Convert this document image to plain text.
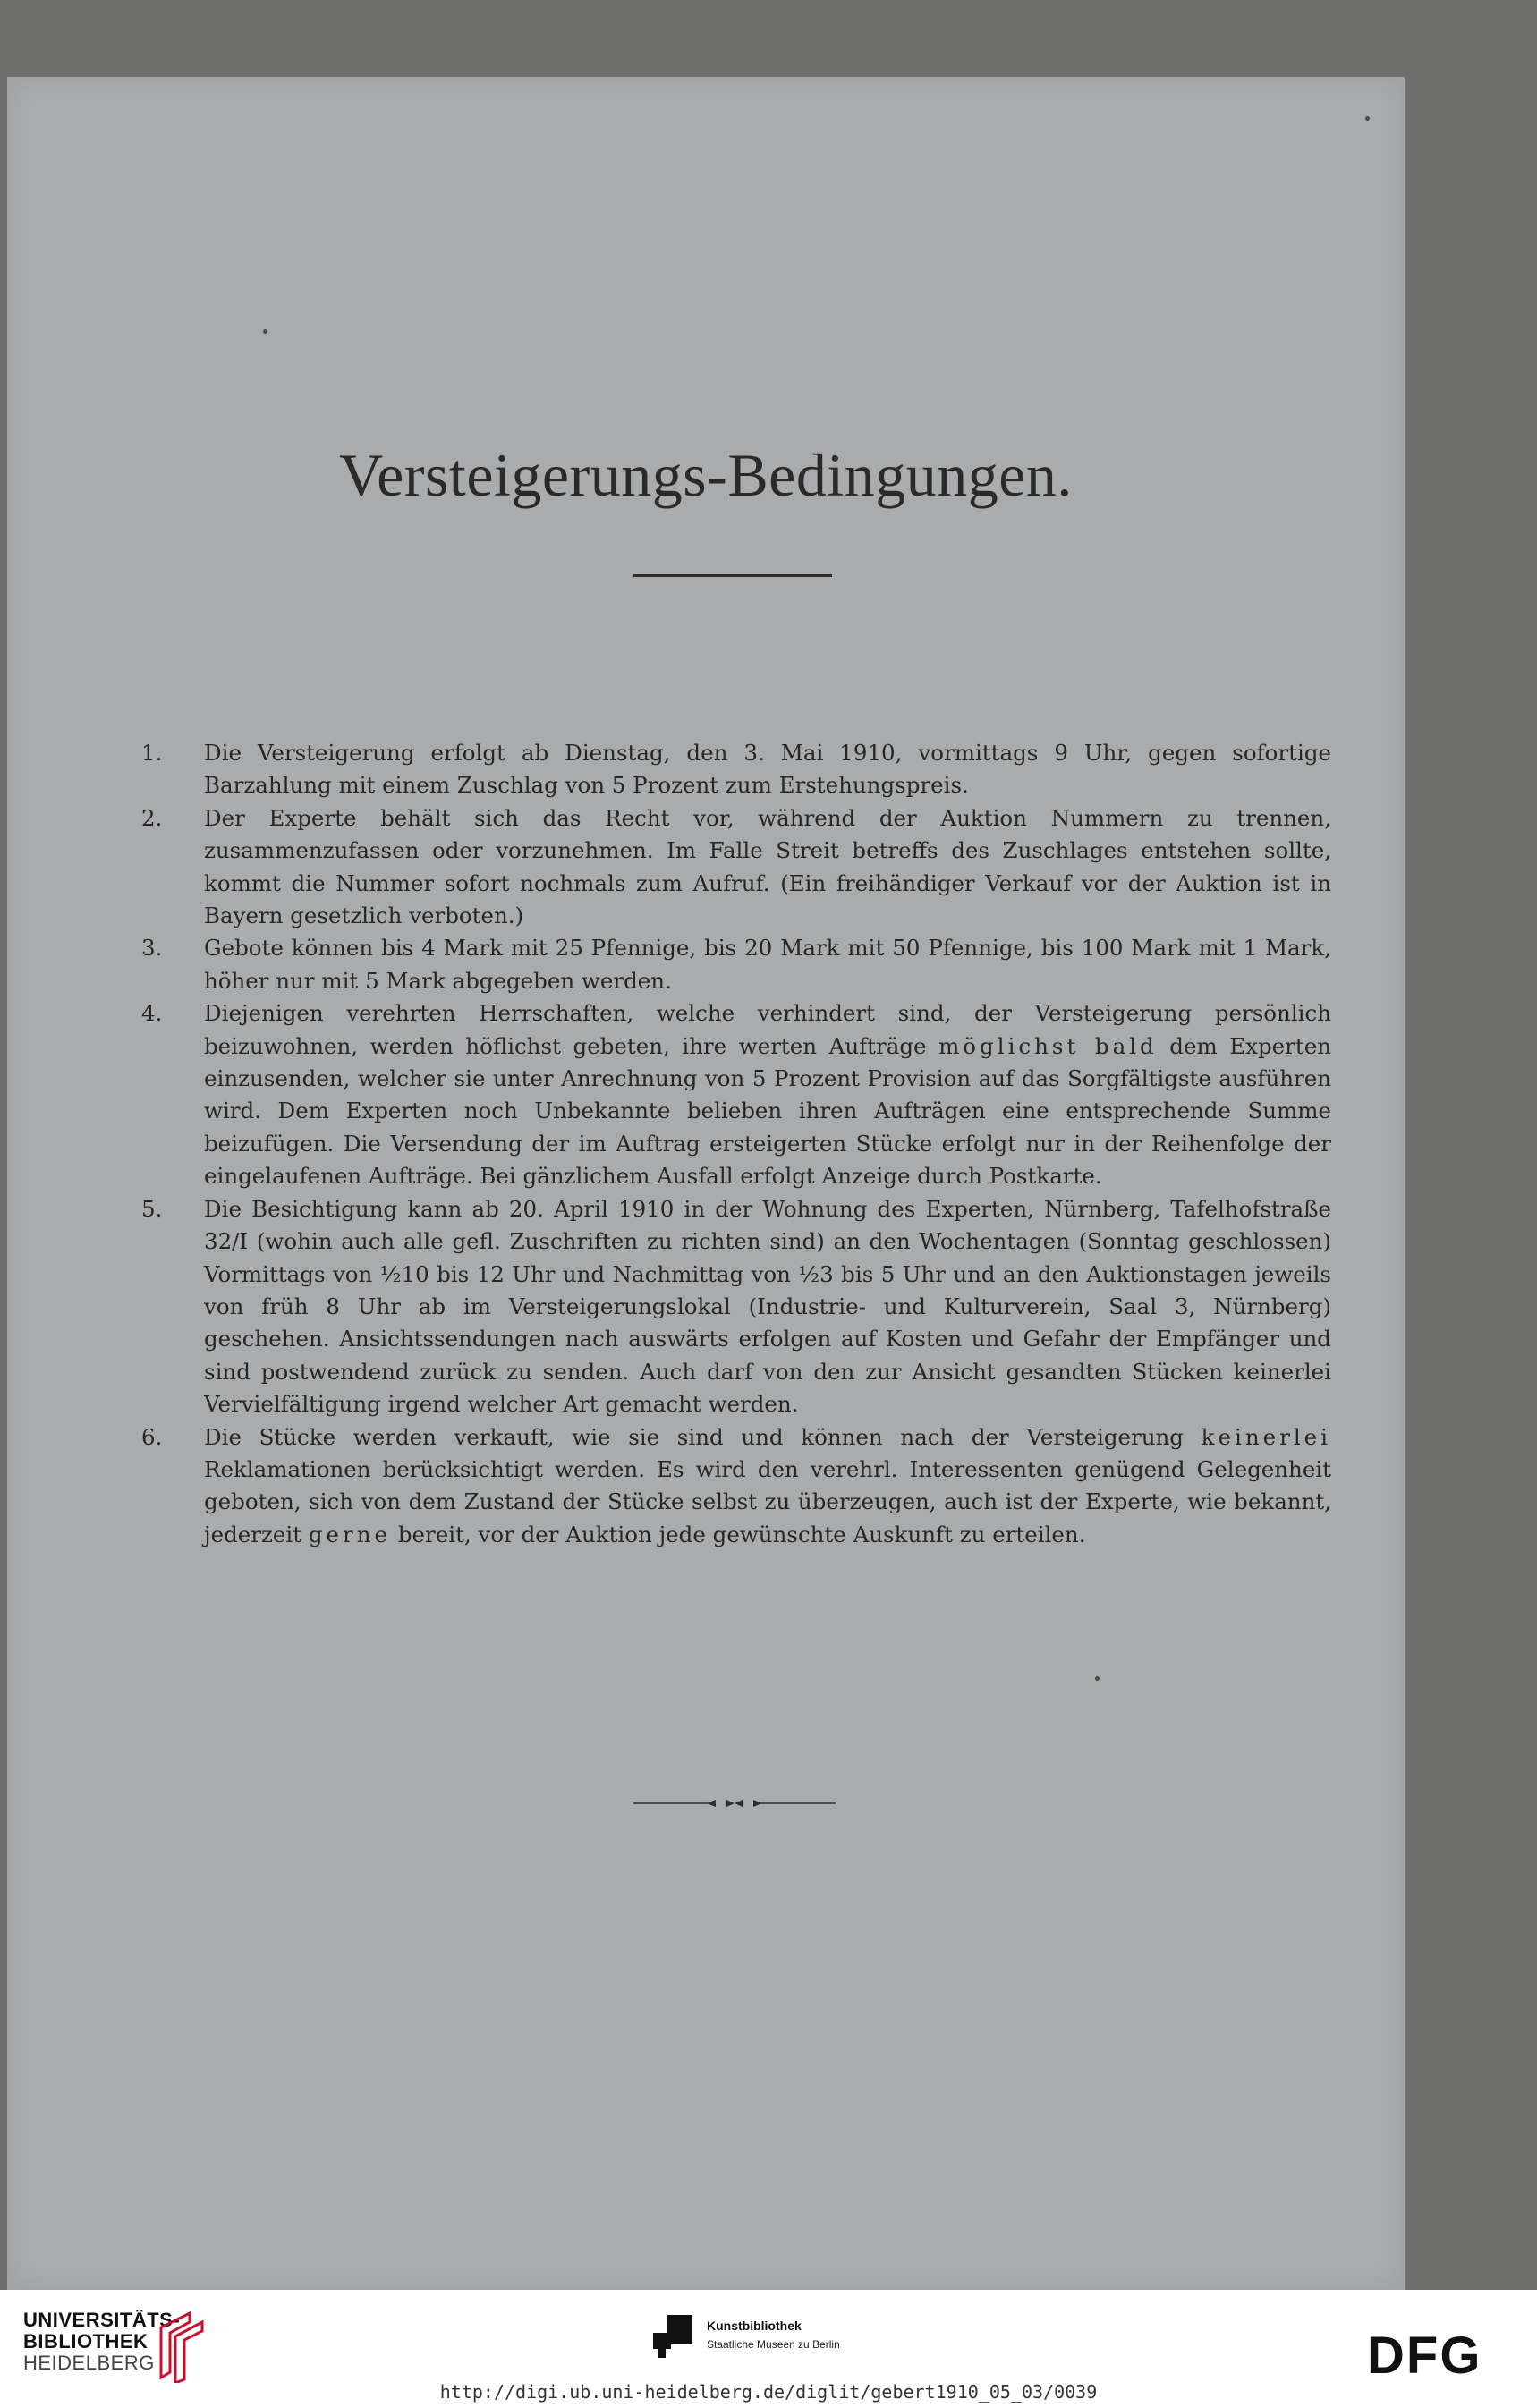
Versteigerungs-Bedingungen.
1. Die Versteigerung erfolgt ab Dienstag, den 3. Mai 1910, vormittags 9 Uhr, gegen sofortige Barzahlung mit einem Zuschlag von 5 Prozent zum Erstehungspreis.
2. Der Experte behält sich das Recht vor, während der Auktion Nummern zu trennen, zusammenzufassen oder vorzunehmen. Im Falle Streit betreffs des Zuschlages entstehen sollte, kommt die Nummer sofort nochmals zum Aufruf. (Ein freihändiger Verkauf vor der Auktion ist in Bayern gesetzlich verboten.)
3. Gebote können bis 4 Mark mit 25 Pfennige, bis 20 Mark mit 50 Pfennige, bis 100 Mark mit 1 Mark, höher nur mit 5 Mark abgegeben werden.
4. Diejenigen verehrten Herrschaften, welche verhindert sind, der Versteigerung persönlich beizuwohnen, werden höflichst gebeten, ihre werten Aufträge möglichst bald dem Experten einzusenden, welcher sie unter Anrechnung von 5 Prozent Provision auf das Sorgfältigste ausführen wird. Dem Experten noch Unbekannte belieben ihren Aufträgen eine entsprechende Summe beizufügen. Die Versendung der im Auftrag ersteigerten Stücke erfolgt nur in der Reihenfolge der eingelaufenen Aufträge. Bei gänzlichem Ausfall erfolgt Anzeige durch Postkarte.
5. Die Besichtigung kann ab 20. April 1910 in der Wohnung des Experten, Nürnberg, Tafelhofstraße 32/I (wohin auch alle gefl. Zuschriften zu richten sind) an den Wochentagen (Sonntag geschlossen) Vormittags von ½10 bis 12 Uhr und Nachmittag von ½3 bis 5 Uhr und an den Auktionstagen jeweils von früh 8 Uhr ab im Versteigerungslokal (Industrie- und Kulturverein, Saal 3, Nürnberg) geschehen. Ansichtssendungen nach auswärts erfolgen auf Kosten und Gefahr der Empfänger und sind postwendend zurück zu senden. Auch darf von den zur Ansicht gesandten Stücken keinerlei Vervielfältigung irgend welcher Art gemacht werden.
6. Die Stücke werden verkauft, wie sie sind und können nach der Versteigerung keinerlei Reklamationen berücksichtigt werden. Es wird den verehrl. Interessenten genügend Gelegenheit geboten, sich von dem Zustand der Stücke selbst zu überzeugen, auch ist der Experte, wie bekannt, jederzeit gerne bereit, vor der Auktion jede gewünschte Auskunft zu erteilen.
UNIVERSITÄTS-
BIBLIOTHEK
HEIDELBERG
Kunstbibliothek
Staatliche Museen zu Berlin	DFG
http://digi.ub.uni-heidelberg.de/diglit/gebert1910_05_03/0039
